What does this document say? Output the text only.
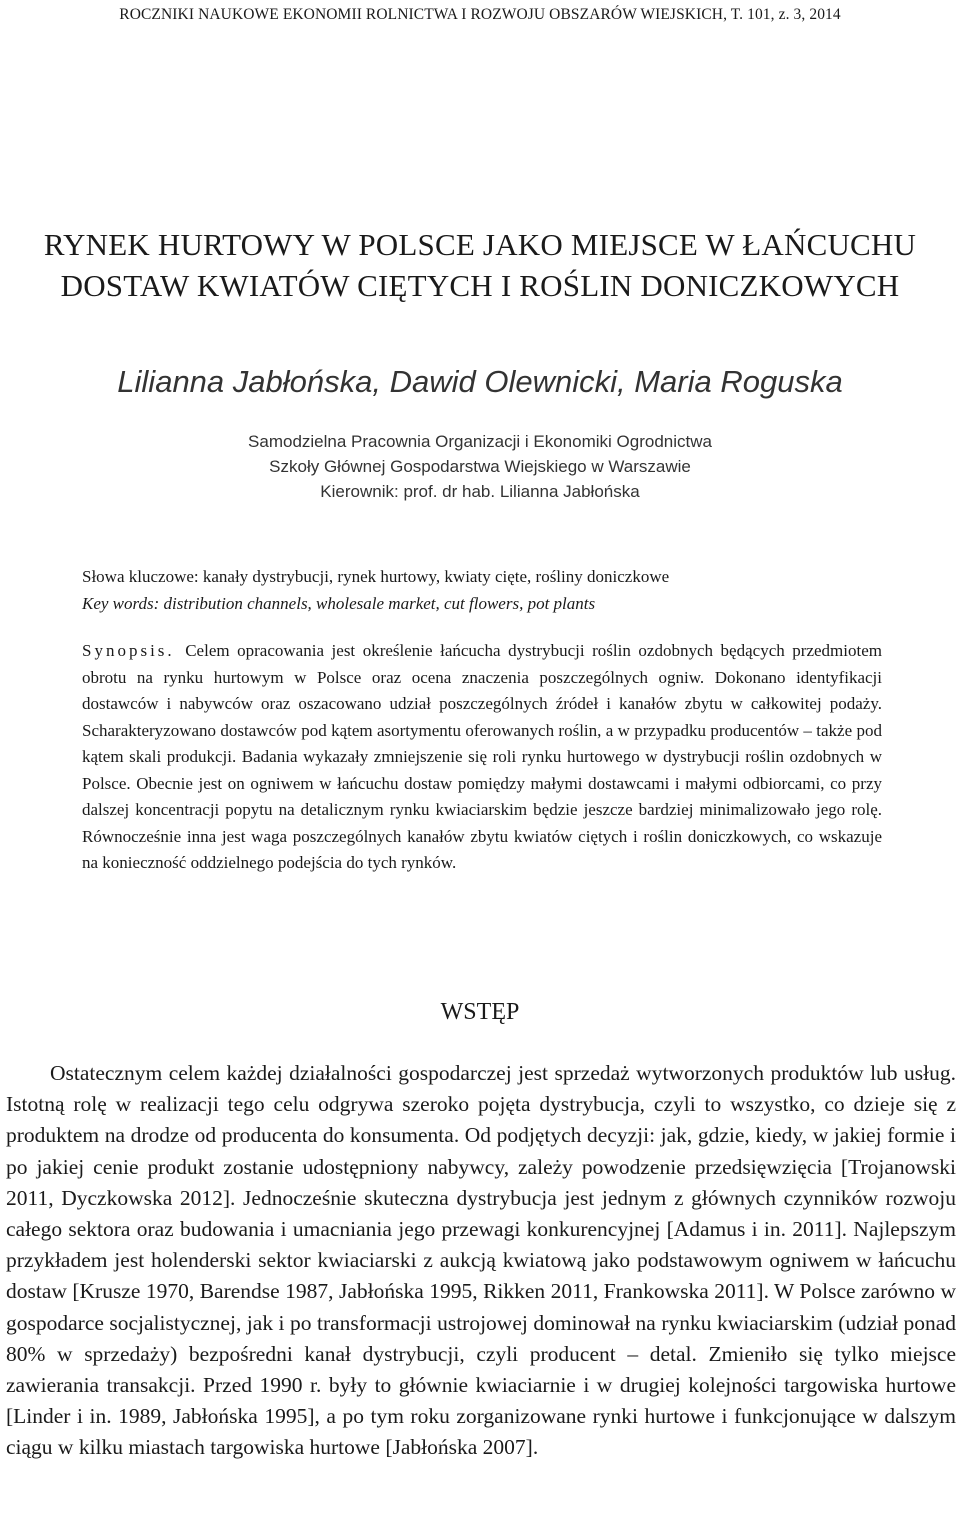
ROCZNIKI NAUKOWE EKONOMII ROLNICTWA I ROZWOJU OBSZARÓW WIEJSKICH, T. 101, z. 3, 2014
RYNEK HURTOWY W POLSCE JAKO MIEJSCE W ŁAŃCUCHU
DOSTAW KWIATÓW CIĘTYCH I ROŚLIN DONICZKOWYCH
Lilianna Jabłońska, Dawid Olewnicki, Maria Roguska
Samodzielna Pracownia Organizacji i Ekonomiki Ogrodnictwa
Szkoły Głównej Gospodarstwa Wiejskiego w Warszawie
Kierownik: prof. dr hab. Lilianna Jabłońska
Słowa kluczowe: kanały dystrybucji, rynek hurtowy, kwiaty cięte, rośliny doniczkowe
Key words: distribution channels, wholesale market, cut flowers, pot plants
Synopsis. Celem opracowania jest określenie łańcucha dystrybucji roślin ozdobnych będących przedmiotem obrotu na rynku hurtowym w Polsce oraz ocena znaczenia poszczególnych ogniw. Dokonano identyfikacji dostawców i nabywców oraz oszacowano udział poszczególnych źródeł i kanałów zbytu w całkowitej podaży. Scharakteryzowano dostawców pod kątem asortymentu oferowanych roślin, a w przypadku producentów – także pod kątem skali produkcji. Badania wykazały zmniejszenie się roli rynku hurtowego w dystrybucji roślin ozdobnych w Polsce. Obecnie jest on ogniwem w łańcuchu dostaw pomiędzy małymi dostawcami i małymi odbiorcami, co przy dalszej koncentracji popytu na detalicznym rynku kwiaciarskim będzie jeszcze bardziej minimalizowało jego rolę. Równocześnie inna jest waga poszczególnych kanałów zbytu kwiatów ciętych i roślin doniczkowych, co wskazuje na konieczność oddzielnego podejścia do tych rynków.
WSTĘP
Ostatecznym celem każdej działalności gospodarczej jest sprzedaż wytworzonych produktów lub usług. Istotną rolę w realizacji tego celu odgrywa szeroko pojęta dystrybucja, czyli to wszystko, co dzieje się z produktem na drodze od producenta do konsumenta. Od podjętych decyzji: jak, gdzie, kiedy, w jakiej formie i po jakiej cenie produkt zostanie udostępniony nabywcy, zależy powodzenie przedsięwzięcia [Trojanowski 2011, Dyczkowska 2012]. Jednocześnie skuteczna dystrybucja jest jednym z głównych czynników rozwoju całego sektora oraz budowania i umacniania jego przewagi konkurencyjnej [Adamus i in. 2011]. Najlepszym przykładem jest holenderski sektor kwiaciarski z aukcją kwiatową jako podstawowym ogniwem w łańcuchu dostaw [Krusze 1970, Barendse 1987, Jabłońska 1995, Rikken 2011, Frankowska 2011]. W Polsce zarówno w gospodarce socjalistycznej, jak i po transformacji ustrojowej dominował na rynku kwiaciarskim (udział ponad 80% w sprzedaży) bezpośredni kanał dystrybucji, czyli producent – detal. Zmieniło się tylko miejsce zawierania transakcji. Przed 1990 r. były to głównie kwiaciarnie i w drugiej kolejności targowiska hurtowe [Linder i in. 1989, Jabłońska 1995], a po tym roku zorganizowane rynki hurtowe i funkcjonujące w dalszym ciągu w kilku miastach targowiska hurtowe [Jabłońska 2007].
